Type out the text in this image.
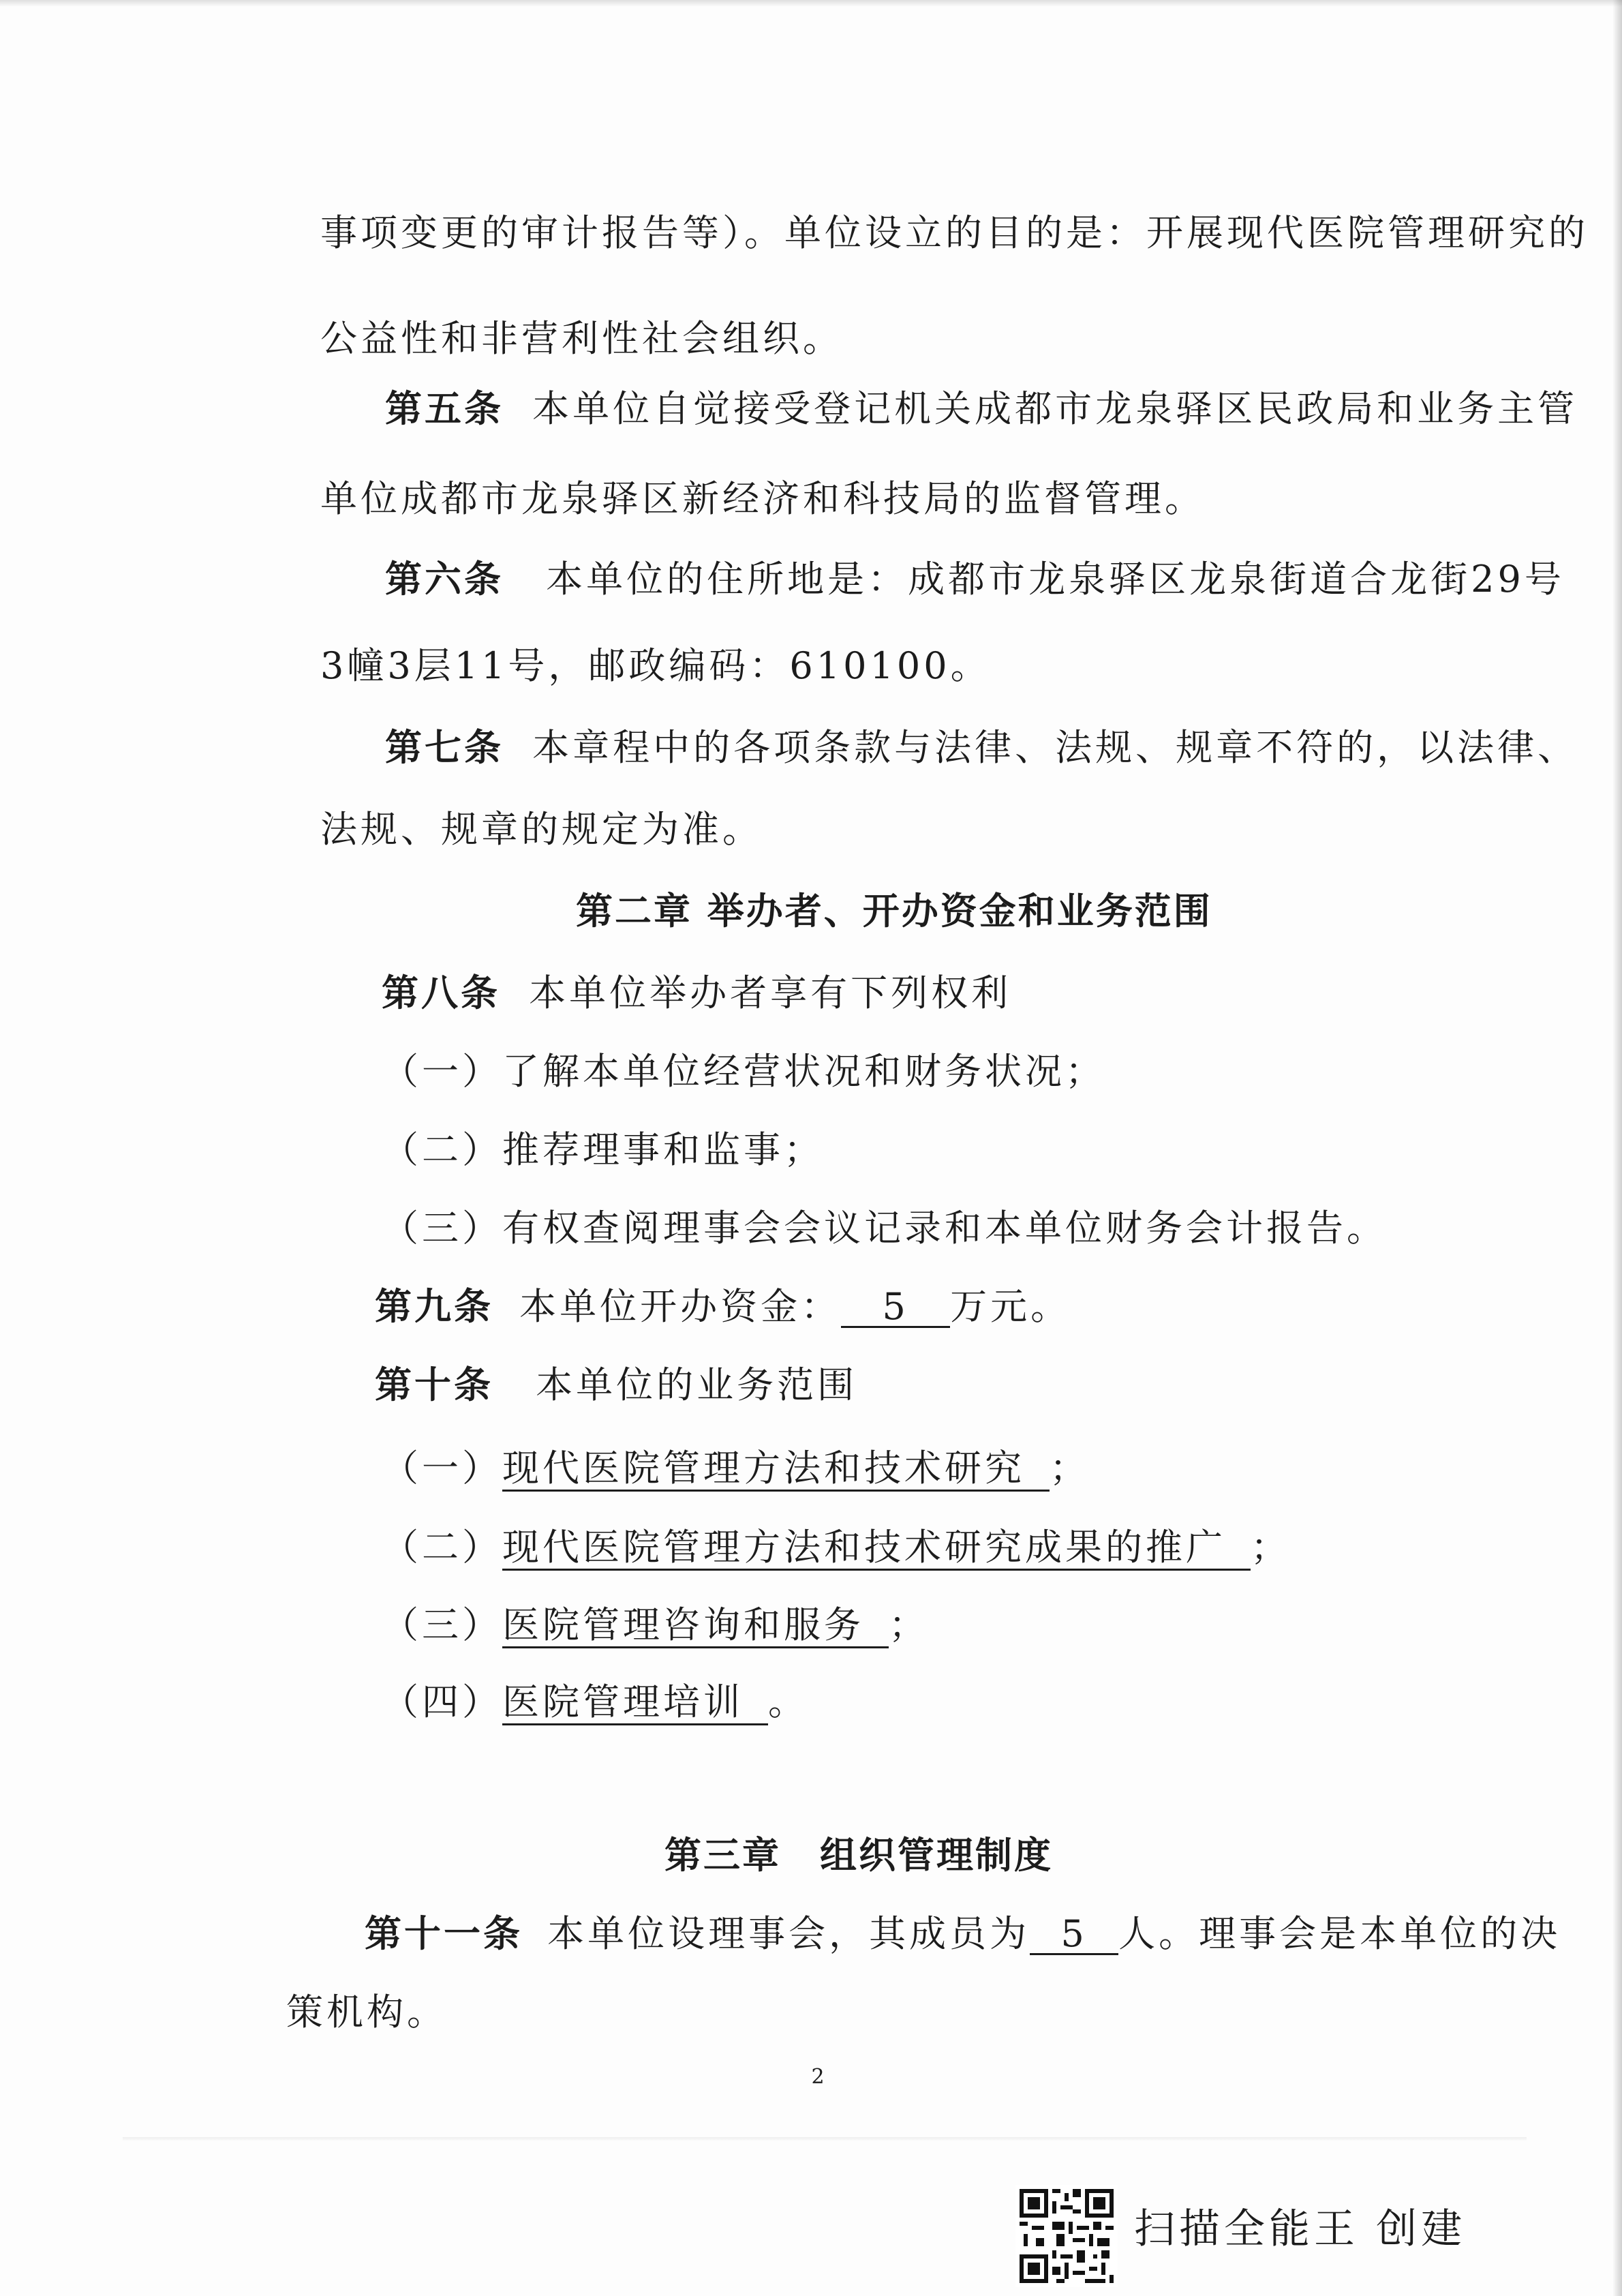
事项变更的审计报告等）。单位设立的目的是：开展现代医院管理研究的
公益性和非营利性社会组织。
第五条 本单位自觉接受登记机关成都市龙泉驿区民政局和业务主管
单位成都市龙泉驿区新经济和科技局的监督管理。
第六条 本单位的住所地是：成都市龙泉驿区龙泉街道合龙街29号
3幢3层11号，邮政编码：610100。
第七条 本章程中的各项条款与法律、法规、规章不符的，以法律、
法规、规章的规定为准。
第二章 举办者、开办资金和业务范围
第八条 本单位举办者享有下列权利
（一）了解本单位经营状况和财务状况；
（二）推荐理事和监事；
（三）有权查阅理事会会议记录和本单位财务会计报告。
第九条 本单位开办资金： 5 万元。
第十条 本单位的业务范围
（一）现代医院管理方法和技术研究 ；
（二）现代医院管理方法和技术研究成果的推广 ；
（三）医院管理咨询和服务 ；
（四）医院管理培训 。
第三章　组织管理制度
第十一条 本单位设理事会，其成员为 5 人。理事会是本单位的决
策机构。
2
扫描全能王 创建
